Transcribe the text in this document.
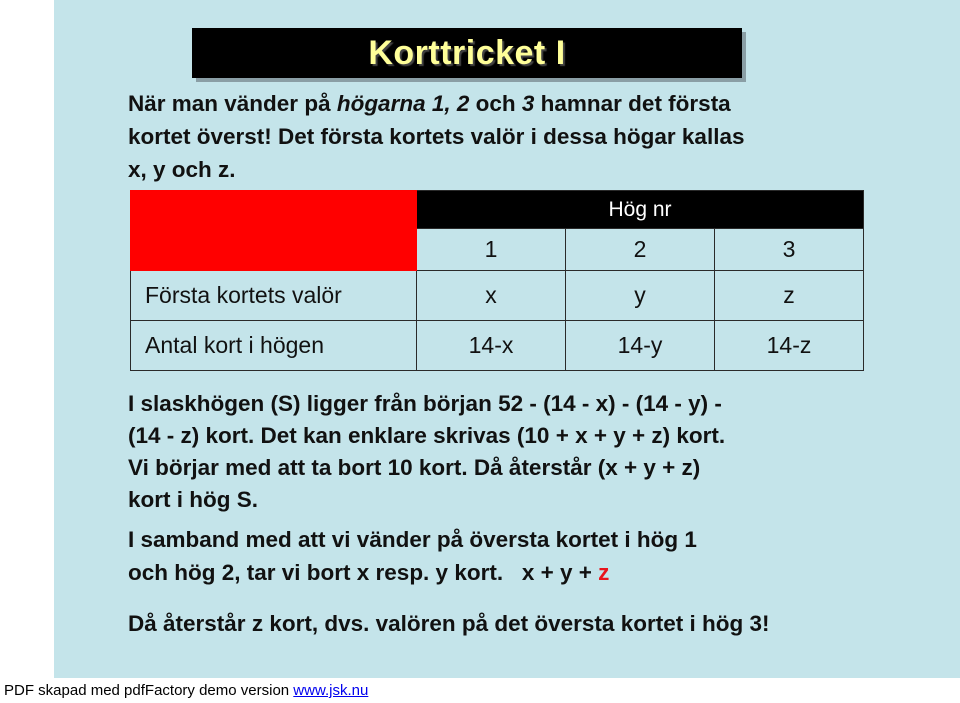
Korttricket I
När man vänder på högarna 1, 2 och 3 hamnar det första
kortet överst! Det första kortets valör i dessa högar kallas
x, y och z.
	Hög nr		
	1	2	3
Första kortets valör	x	y	z
Antal kort i högen	14-x	14-y	14-z
I slaskhögen (S) ligger från början 52 - (14 - x) - (14 - y) -
(14 - z) kort. Det kan enklare skrivas (10 + x + y + z) kort.
Vi börjar med att ta bort 10 kort. Då återstår (x + y + z)
kort i hög S.
I samband med att vi vänder på översta kortet i hög 1
och hög 2, tar vi bort x resp. y kort. x + y + z
Då återstår z kort, dvs. valören på det översta kortet i hög 3!
PDF skapad med pdfFactory demo version www.jsk.nu
